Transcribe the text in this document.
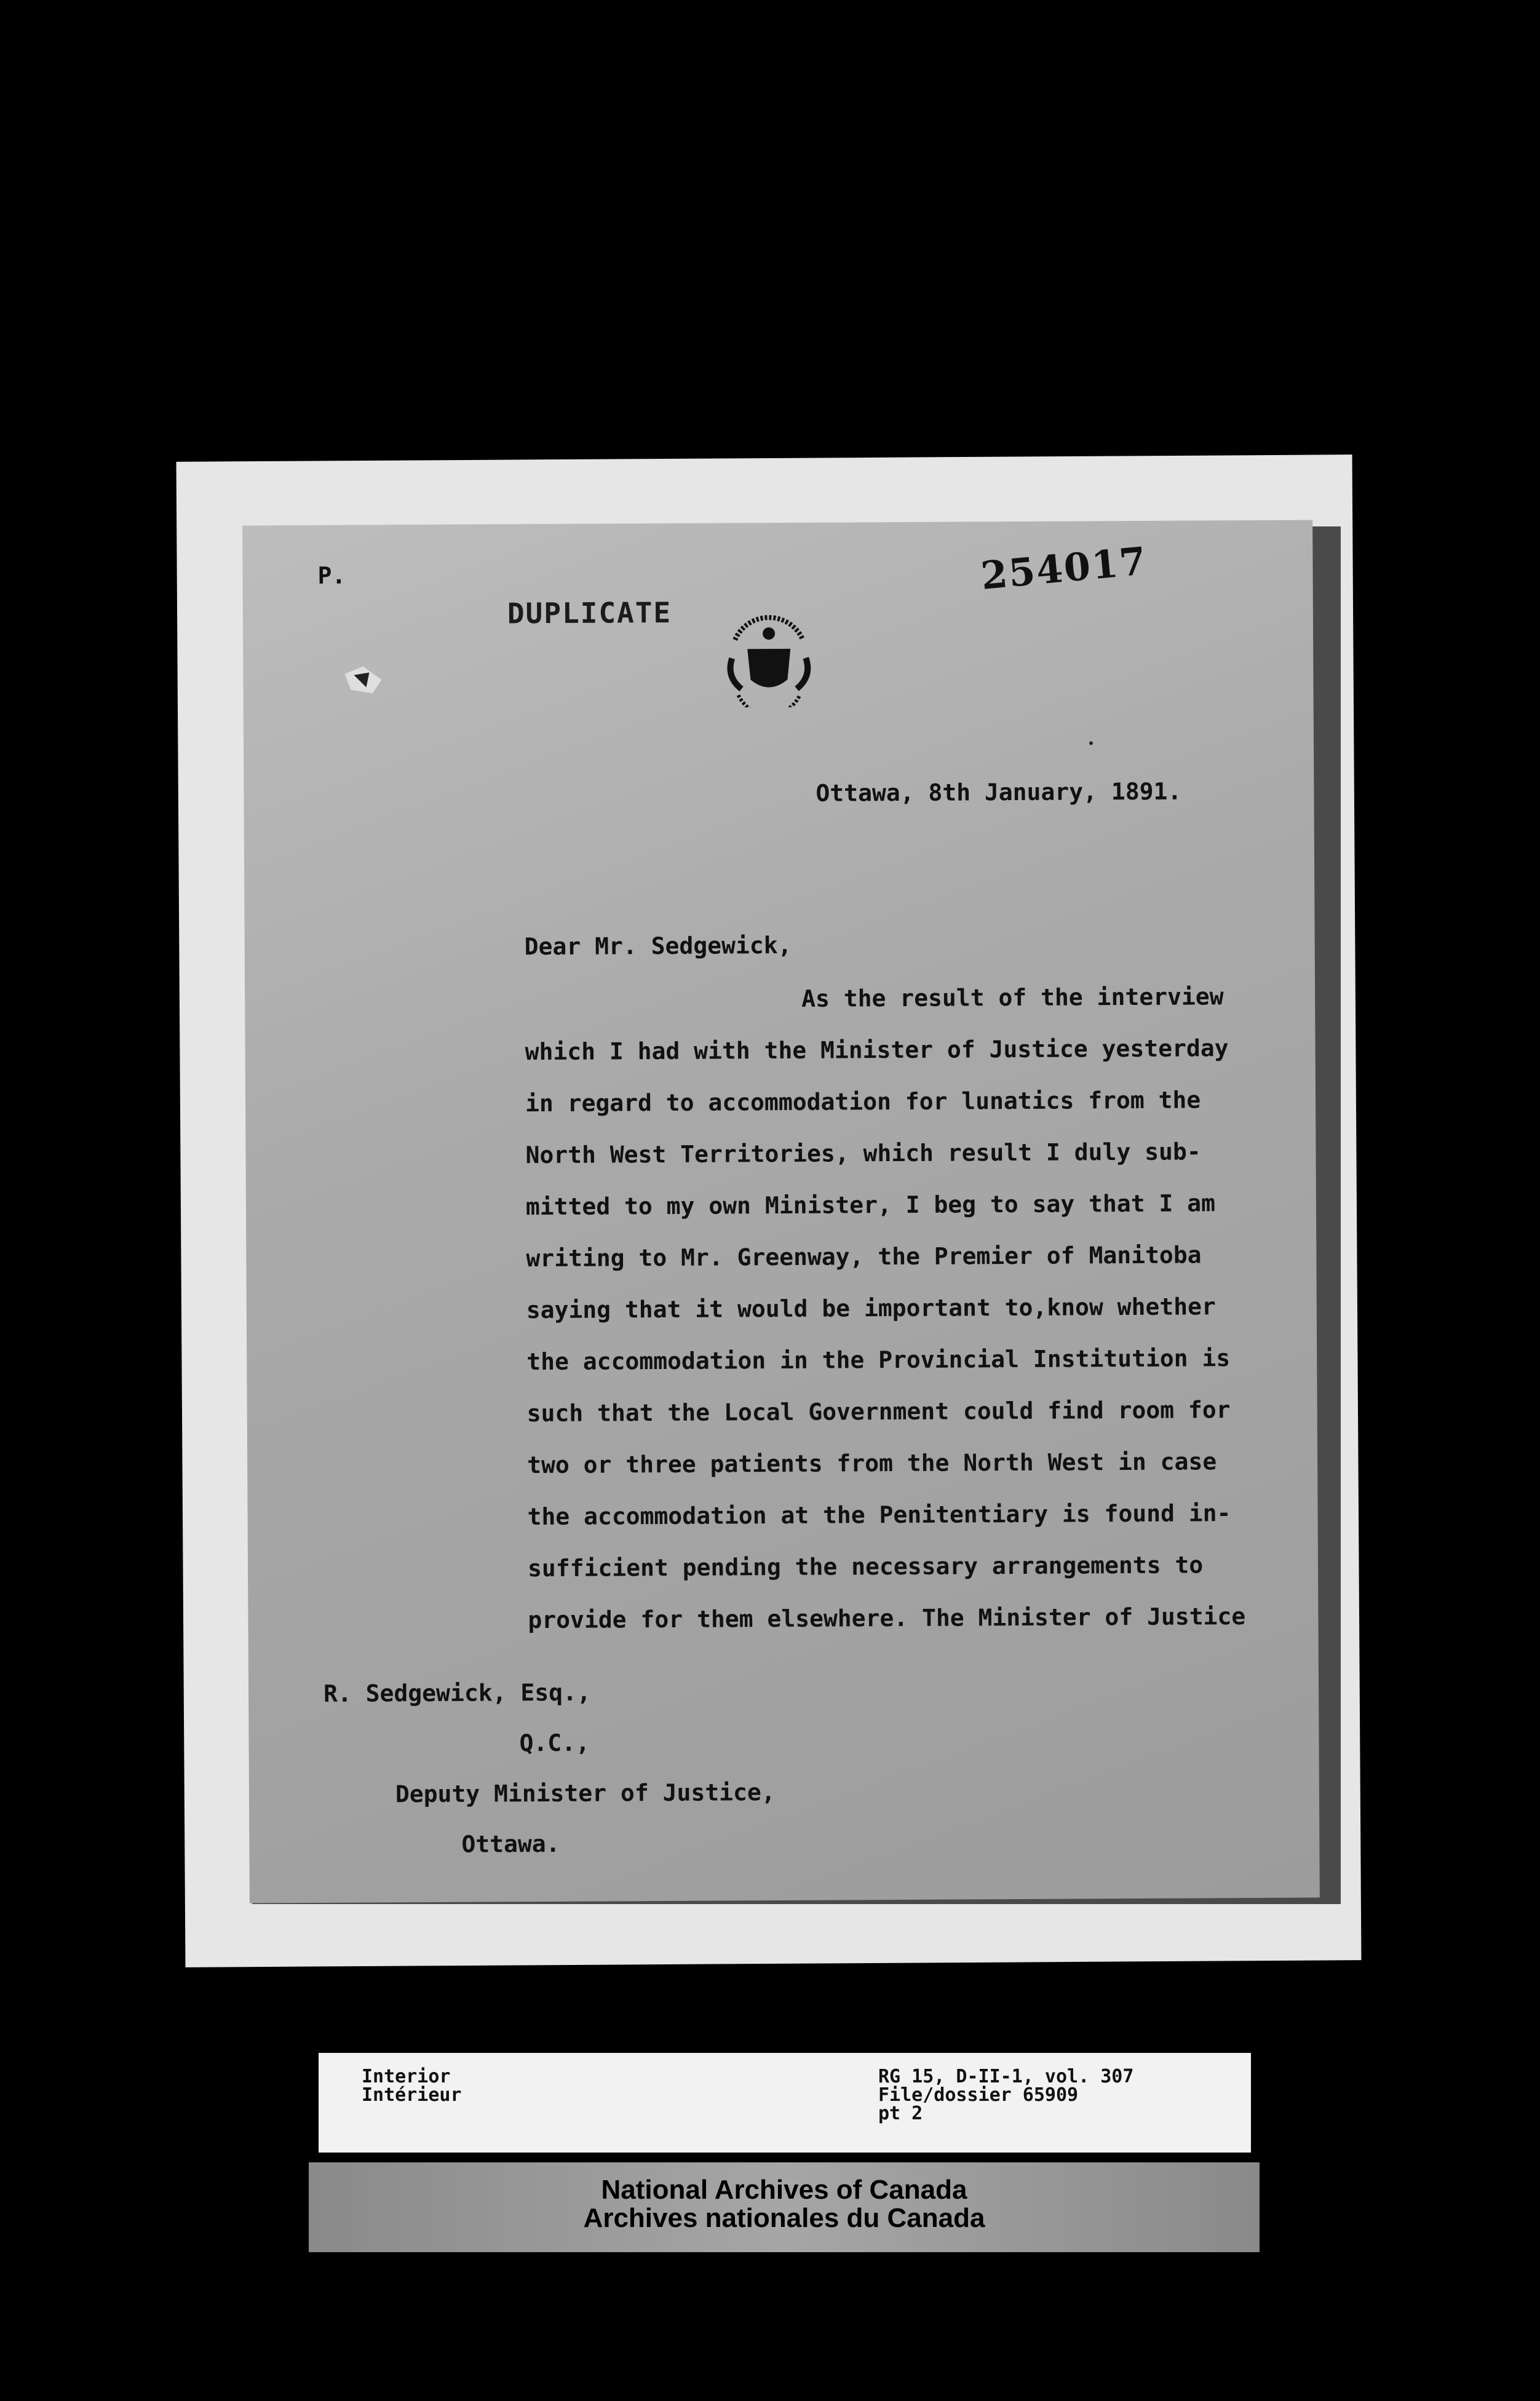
P.
DUPLICATE
254017
Ottawa, 8th January, 1891.
Dear Mr. Sedgewick,
As the result of the interview
which I had with the Minister of Justice yesterday
in regard to accommodation for lunatics from the
North West Territories, which result I duly sub-
mitted to my own Minister, I beg to say that I am
writing to Mr. Greenway, the Premier of Manitoba
saying that it would be important to,know whether
the accommodation in the Provincial Institution is
such that the Local Government could find room for
two or three patients from the North West in case
the accommodation at the Penitentiary is found in-
sufficient pending the necessary arrangements to
provide for them elsewhere. The Minister of Justice
R. Sedgewick, Esq.,
Q.C.,
Deputy Minister of Justice,
Ottawa.
Interior
Intérieur
RG 15, D-II-1, vol. 307
File/dossier 65909
pt 2
National Archives of Canada
Archives nationales du Canada
